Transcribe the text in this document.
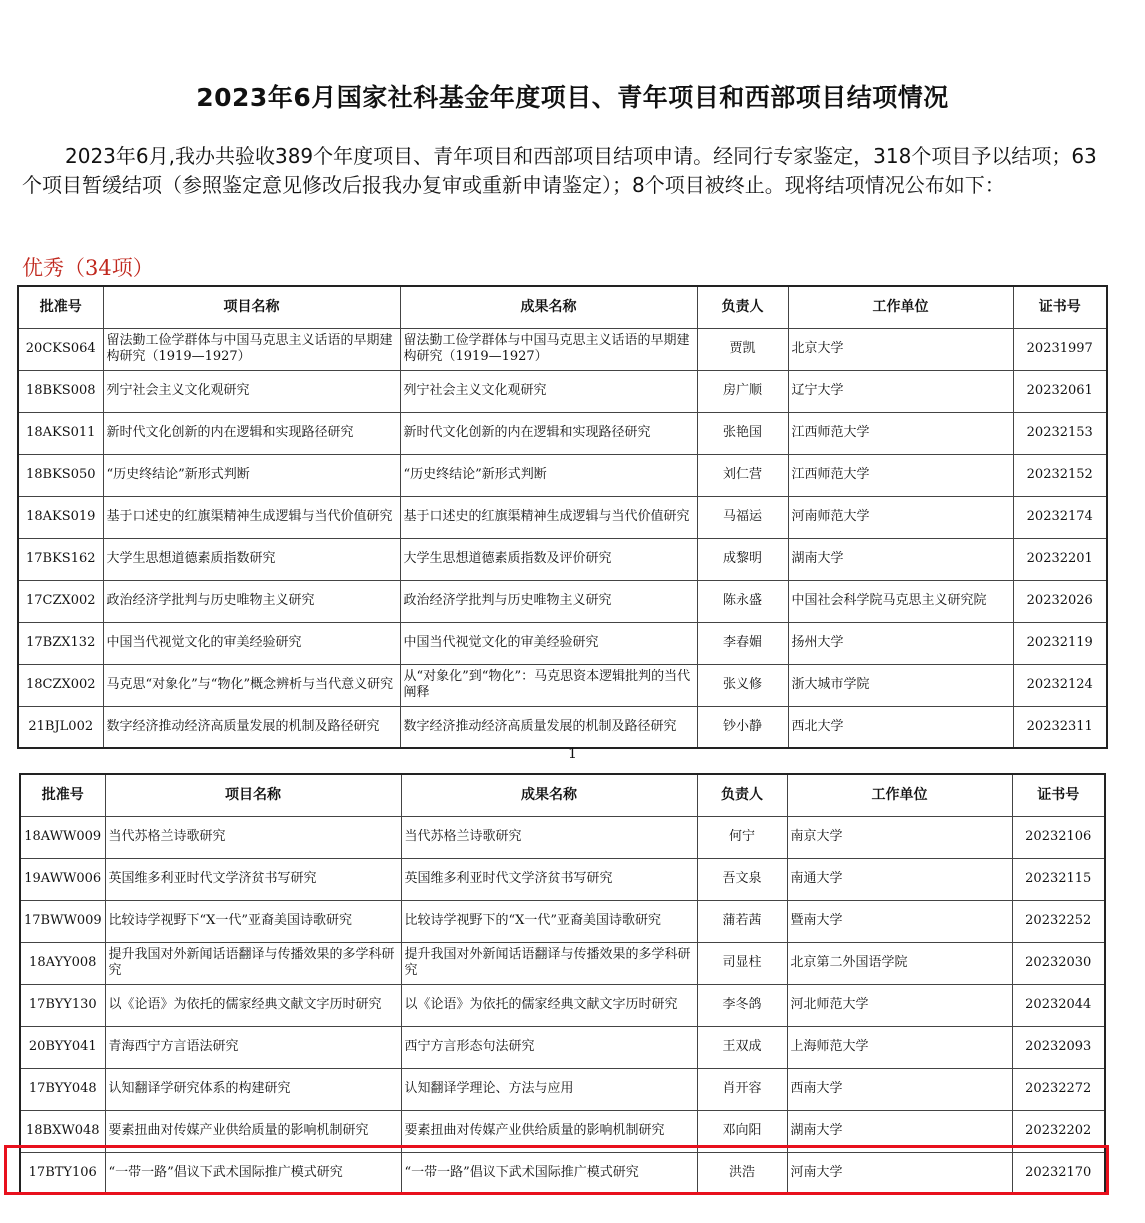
2023年6月国家社科基金年度项目、青年项目和西部项目结项情况
2023年6月,我办共验收389个年度项目、青年项目和西部项目结项申请。经同行专家鉴定，318个项目予以结项；63个项目暂缓结项（参照鉴定意见修改后报我办复审或重新申请鉴定）；8个项目被终止。现将结项情况公布如下：
优秀（34项）
批准号	项目名称	成果名称	负责人	工作单位	证书号
20CKS064	留法勤工俭学群体与中国马克思主义话语的早期建构研究（1919—1927）	留法勤工俭学群体与中国马克思主义话语的早期建构研究（1919—1927）	贾凯	北京大学	20231997
18BKS008	列宁社会主义文化观研究	列宁社会主义文化观研究	房广顺	辽宁大学	20232061
18AKS011	新时代文化创新的内在逻辑和实现路径研究	新时代文化创新的内在逻辑和实现路径研究	张艳国	江西师范大学	20232153
18BKS050	“历史终结论”新形式判断	“历史终结论”新形式判断	刘仁营	江西师范大学	20232152
18AKS019	基于口述史的红旗渠精神生成逻辑与当代价值研究	基于口述史的红旗渠精神生成逻辑与当代价值研究	马福运	河南师范大学	20232174
17BKS162	大学生思想道德素质指数研究	大学生思想道德素质指数及评价研究	成黎明	湖南大学	20232201
17CZX002	政治经济学批判与历史唯物主义研究	政治经济学批判与历史唯物主义研究	陈永盛	中国社会科学院马克思主义研究院	20232026
17BZX132	中国当代视觉文化的审美经验研究	中国当代视觉文化的审美经验研究	李春媚	扬州大学	20232119
18CZX002	马克思“对象化”与“物化”概念辨析与当代意义研究	从“对象化”到“物化”：马克思资本逻辑批判的当代阐释	张义修	浙大城市学院	20232124
21BJL002	数字经济推动经济高质量发展的机制及路径研究	数字经济推动经济高质量发展的机制及路径研究	钞小静	西北大学	20232311
1
批准号	项目名称	成果名称	负责人	工作单位	证书号
18AWW009	当代苏格兰诗歌研究	当代苏格兰诗歌研究	何宁	南京大学	20232106
19AWW006	英国维多利亚时代文学济贫书写研究	英国维多利亚时代文学济贫书写研究	吾文泉	南通大学	20232115
17BWW009	比较诗学视野下“X一代”亚裔美国诗歌研究	比较诗学视野下的“X一代”亚裔美国诗歌研究	蒲若茜	暨南大学	20232252
18AYY008	提升我国对外新闻话语翻译与传播效果的多学科研究	提升我国对外新闻话语翻译与传播效果的多学科研究	司显柱	北京第二外国语学院	20232030
17BYY130	以《论语》为依托的儒家经典文献文字历时研究	以《论语》为依托的儒家经典文献文字历时研究	李冬鸽	河北师范大学	20232044
20BYY041	青海西宁方言语法研究	西宁方言形态句法研究	王双成	上海师范大学	20232093
17BYY048	认知翻译学研究体系的构建研究	认知翻译学理论、方法与应用	肖开容	西南大学	20232272
18BXW048	要素扭曲对传媒产业供给质量的影响机制研究	要素扭曲对传媒产业供给质量的影响机制研究	邓向阳	湖南大学	20232202
17BTY106	“一带一路”倡议下武术国际推广模式研究	“一带一路”倡议下武术国际推广模式研究	洪浩	河南大学	20232170
